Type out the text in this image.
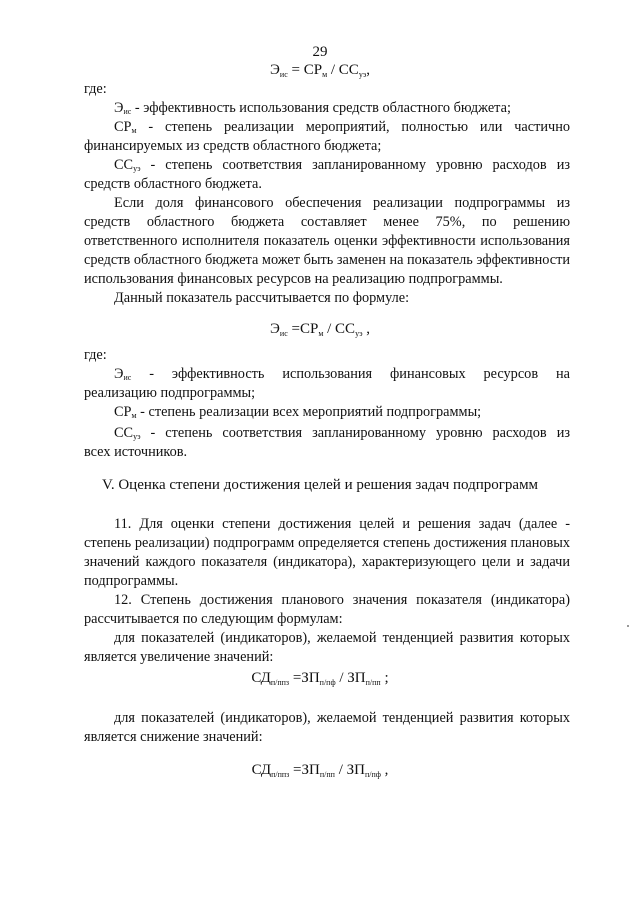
29
$Э_{ис} = СР_м / СС_{уэ}$,

где:

$Э_{ис}$ - эффективность использования средств областного бюджета;

$СР_м$ - степень реализации мероприятий, полностью или частично

финансируемых из средств областного бюджета;

$СС_{уэ}$ - степень соответствия запланированному уровню расходов из

средств областного бюджета.

Если доля финансового обеспечения реализации подпрограммы из средств областного бюджета составляет менее 75%, по решению ответственного исполнителя показатель оценки эффективности использования средств областного бюджета может быть заменен на показатель эффективности использования финансовых ресурсов на реализацию подпрограммы.

Данный показатель рассчитывается по формуле:

$Э_{ис} =СР_м / СС_{уэ}$ ,

где:

$Э_{ис}$ - эффективность использования финансовых ресурсов на

реализацию подпрограммы;

$СР_м$ - степень реализации всех мероприятий подпрограммы;

$СС_{уэ}$ - степень соответствия запланированному уровню расходов из

всех источников.

V. Оценка степени достижения целей и решения задач подпрограмм

11. Для оценки степени достижения целей и решения задач (далее - степень реализации) подпрограмм определяется степень достижения плановых значений каждого показателя (индикатора), характеризующего цели и задачи подпрограммы.

12. Степень достижения планового значения показателя (индикатора) рассчитывается по следующим формулам:

для показателей (индикаторов), желаемой тенденцией развития которых является увеличение значений:

$СД_{п/ппз} =ЗП_{п/пф} / ЗП_{п/пп}$ ;

для показателей (индикаторов), желаемой тенденцией развития которых является снижение значений:

$СД_{п/ппз} =ЗП_{п/пп} / ЗП_{п/пф}$ ,
